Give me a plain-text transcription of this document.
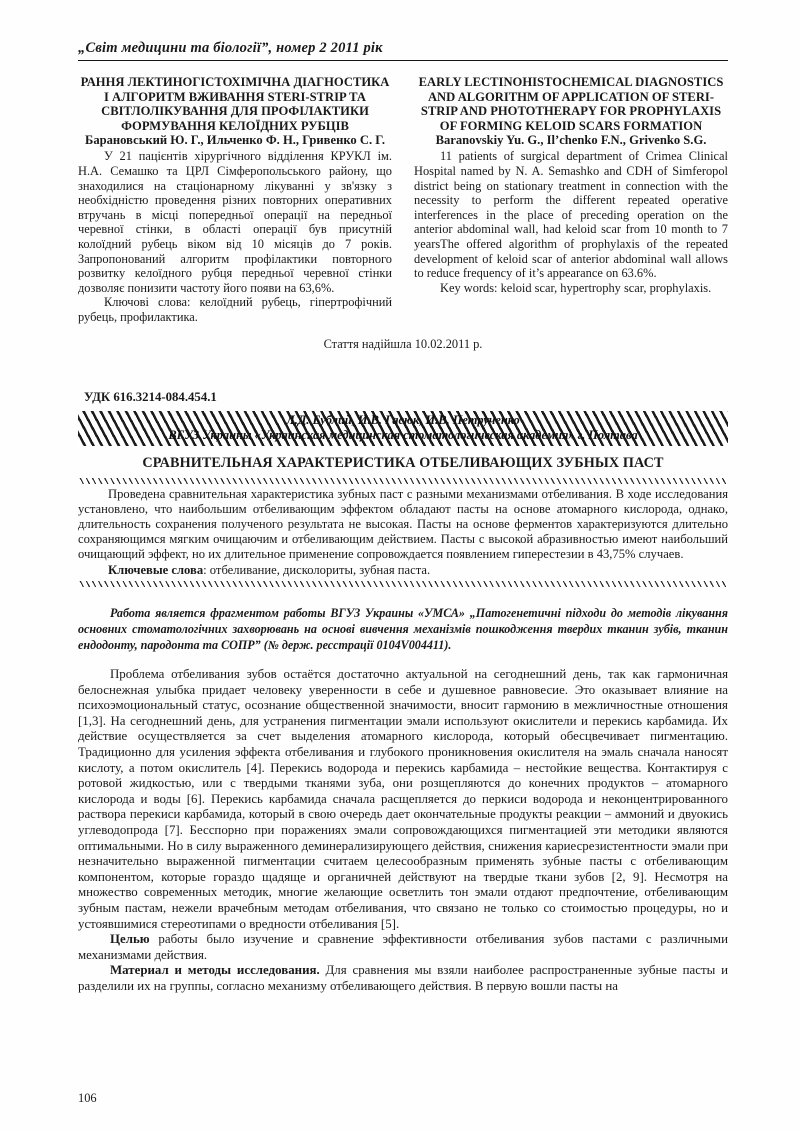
„Світ медицини та біології”, номер 2 2011 рік

РАННЯ ЛЕКТИНОГІСТОХІМІЧНА ДІАГНОСТИКА І АЛГОРИТМ ВЖИВАННЯ STERI-STRIP ТА СВІТЛОЛІКУВАННЯ ДЛЯ ПРОФІЛАКТИКИ ФОРМУВАННЯ КЕЛОЇДНИХ РУБЦІВ

Барановський Ю. Г., Ильченко Ф. Н., Гривенко С. Г.

У 21 пацієнтів хірургічного відділення КРУКЛ ім. Н.А. Семашко та ЦРЛ Сімферопольського району, що знаходилися на стаціонарному лікуванні у зв'язку з необхідністю проведення різних повторних оперативних втручань в місці попередньої операції на передньої черевної стінки, в області операції був присутній колоїдний рубець віком від 10 місяців до 7 років. Запропонований алгоритм профілактики повторного розвитку келоїдного рубця передньої черевної стінки дозволяє понизити частоту його появи на 63,6%.

Ключові слова: келоїдний рубець, гіпертрофічний рубець, профилактика.

EARLY LECTINOHISTOCHEMICAL DIAGNOSTICS AND ALGORITHM OF APPLICATION OF STERI-STRIP AND PHOTOTHERAPY FOR PROPHYLAXIS OF FORMING KELOID SCARS FORMATION

Baranovskiy Yu. G., Il’chenko F.N., Grivenko S.G.

11 patients of surgical department of Crimea Clinical Hospital named by N. A. Semashko and CDH of Simferopol district being on stationary treatment in connection with the necessity to perform the different repeated operative interferences in the place of preceding operation on the anterior abdominal wall, had keloid scar from 10 month to 7 yearsThe offered algorithm of prophylaxis of the repeated development of keloid scar of anterior abdominal wall allows to reduce frequency of it’s appearance on 63.6%.

Key words: keloid scar, hypertrophy scar, prophylaxis.

Стаття надійшла 10.02.2011 р.
УДК 616.3214-084.454.1
Л.Д. Бублий, И.В. Гасюк, И.В. Петрученко
ВГУЗ Украины «Украинская медицинская стоматологическая академия» г. Полтава
СРАВНИТЕЛЬНАЯ ХАРАКТЕРИСТИКА ОТБЕЛИВАЮЩИХ ЗУБНЫХ ПАСТ

Проведена сравнительная характеристика зубных паст с разными механизмами отбеливания. В ходе исследования установлено, что наибольшим отбеливающим эффектом обладают пасты на основе атомарного кислорода, однако, длительность сохранения полученого результата не высокая. Пасты на основе ферментов характеризуются длительно сохраняющимся мягким очищаючим и отбеливающим действием. Пасты с высокой абразивностью имеют наибольший очищающий эффект, но их длительное применение сопровождается появлением гиперестезии в 43,75% случаев.

Ключевые слова: отбеливание, дисколориты, зубная паста.

Работа является фрагментом работы ВГУЗ Украины «УМСА» „Патогенетичні підходи до методів лікування основних стоматологічних захворювань на основі вивчення механізмів пошкодження твердих тканин зубів, тканин ендодонту, пародонта та СОПР” (№ держ. ресстрації 0104V004411).

Проблема отбеливания зубов остаётся достаточно актуальной на сегоднешний день, так как гармоничная белоснежная улыбка придает человеку уверенности в себе и душевное равновесие. Это оказывает влияние на психоэмоциональный статус, осознание общественной значимости, вносит гармонию в межличностные отношения [1,3]. На сегоднешний день, для устранения пигментации эмали используют окислители и перекись карбамида. Их действие осуществляется за счет выделения атомарного кислорода, который обесцвечивает пигментацию. Традиционно для усиления эффекта отбеливания и глубокого проникновения окислителя на эмаль сначала наносят кислоту, а потом окислитель [4]. Перекись водорода и перекись карбамида – нестойкие вещества. Контактируя с ротовой жидкостью, или с твердыми тканями зуба, они розщепляются до конечних продуктов – атомарного кислорода и воды [6]. Перекись карбамида сначала расщепляется до перкиси водорода и неконцентрированного раствора перекиси карбамида, который в свою очередь дает окончательные продукты реакции – аммоний и двуокись углеводопрода [7]. Бесспорно при поражениях эмали сопровождающихся пигментацией эти методики являются оптимальными. Но в силу выраженного деминерализирующего действия, снижения кариесрезистентности эмали при незначительно выраженной пигментации считаем целесообразным применять зубные пасты с отбеливающим компонентом, которые гораздо щадяще и органичней действуют на твердые ткани зубов [2, 9]. Несмотря на множество современных методик, многие желающие осветлить тон эмали отдают предпочтение, отбеливающим зубным пастам, нежели врачебным методам отбеливания, что связано не только со стоимостью процедуры, но и устоявшимися стереотипами о вредности отбеливания [5].

Целью работы было изучение и сравнение эффективности отбеливания зубов пастами с различными механизмами действия.

Материал и методы исследования. Для сравнения мы взяли наиболее распространенные зубные пасты и разделили их на группы, согласно механизму отбеливающего действия. В первую вошли пасты на

106
